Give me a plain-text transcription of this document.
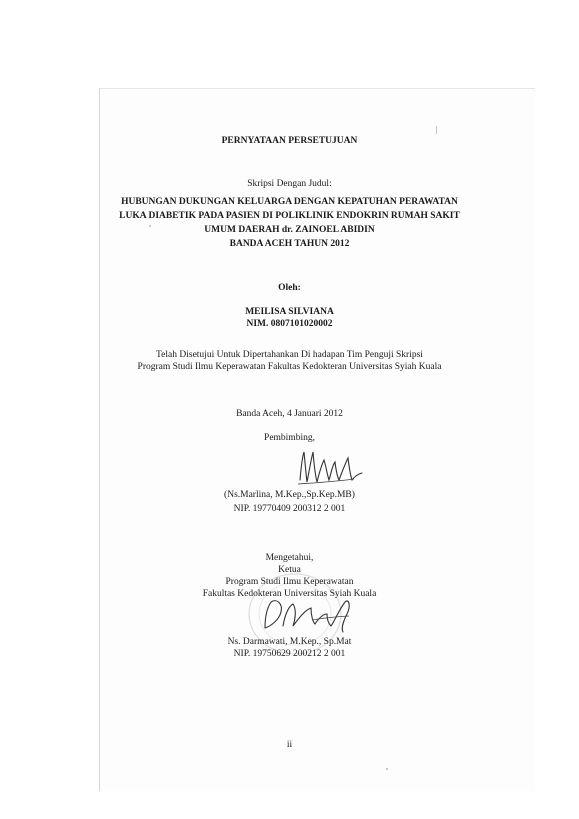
PERNYATAAN PERSETUJUAN
Skripsi Dengan Judul:
HUBUNGAN DUKUNGAN KELUARGA DENGAN KEPATUHAN PERAWATAN
LUKA DIABETIK PADA PASIEN DI POLIKLINIK ENDOKRIN RUMAH SAKIT
UMUM DAERAH dr. ZAINOEL ABIDIN
BANDA ACEH TAHUN 2012
Oleh:
MEILISA SILVIANA
NIM. 0807101020002
Telah Disetujui Untuk Dipertahankan Di hadapan Tim Penguji Skripsi
Program Studi Ilmu Keperawatan Fakultas Kedokteran Universitas Syiah Kuala
Banda Aceh, 4 Januari 2012
Pembimbing,
(Ns.Marlina, M.Kep.,Sp.Kep.MB)
NIP. 19770409 200312 2 001
Mengetahui,
Ketua
Program Studi Ilmu Keperawatan
Fakultas Kedokteran Universitas Syiah Kuala
Ns. Darmawati, M.Kep., Sp.Mat
NIP. 19750629 200212 2 001
ii
